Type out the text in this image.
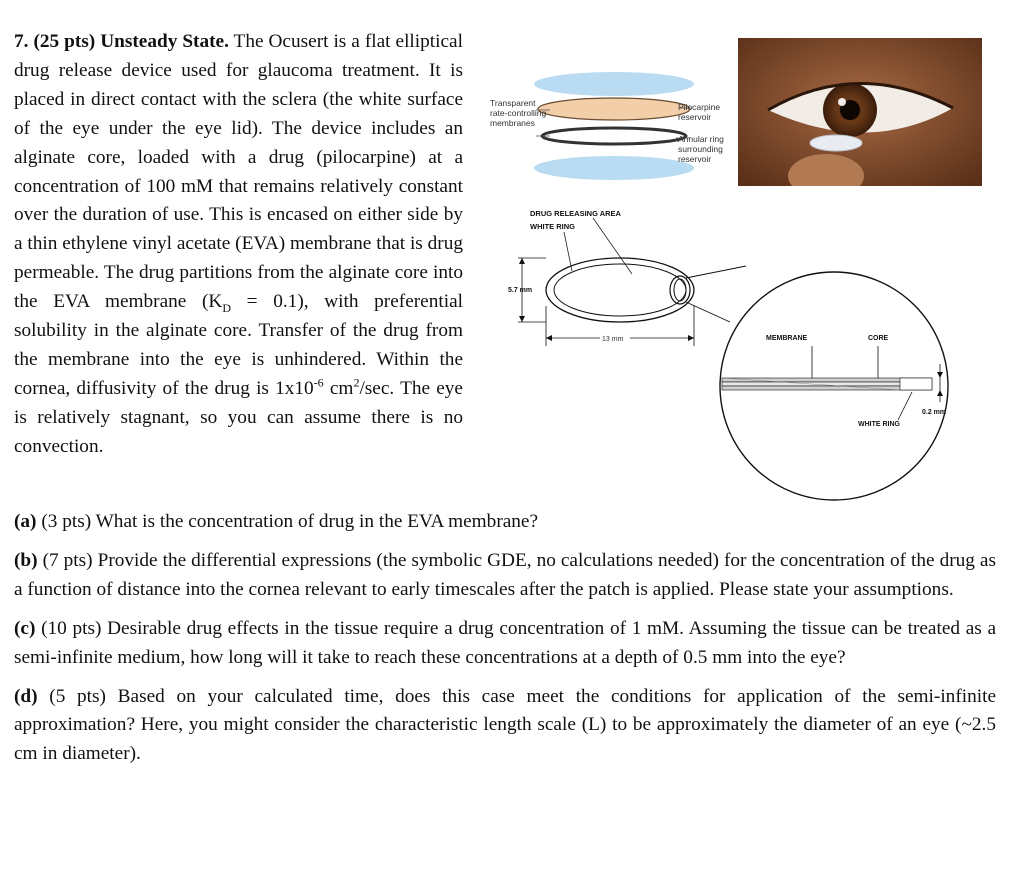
7. (25 pts) Unsteady State. The Ocusert is a flat elliptical drug release device used for glaucoma treatment. It is placed in direct contact with the sclera (the white surface of the eye under the eye lid). The device includes an alginate core, loaded with a drug (pilocarpine) at a concentration of 100 mM that remains relatively constant over the duration of use. This is encased on either side by a thin ethylene vinyl acetate (EVA) membrane that is drug permeable. The drug partitions from the alginate core into the EVA membrane $(K_D = 0.1)$, with preferential solubility in the alginate core. Transfer of the drug from the membrane into the eye is unhindered. Within the cornea, diffusivity of the drug is $1x10^{-6}$ $cm^2/\sec$. The eye is relatively stagnant, so you can assume there is no convection.
Transparent
rate-controlling
membranes
Pilocarpine
reservoir
Annular ring
surrounding
reservoir
DRUG RELEASING AREA
WHITE RING
5.7 mm
13 mm	MEMBRANE	CORE
0.2 mm
WHITE RING

(a) (3 pts) What is the concentration of drug in the EVA membrane?

(b) (7 pts) Provide the differential expressions (the symbolic GDE, no calculations needed) for the concentration of the drug as a function of distance into the cornea relevant to early timescales after the patch is applied. Please state your assumptions.

(c) (10 pts) Desirable drug effects in the tissue require a drug concentration of 1 mM. Assuming the tissue can be treated as a semi-infinite medium, how long will it take to reach these concentrations at a depth of 0.5 mm into the eye?

(d) (5 pts) Based on your calculated time, does this case meet the conditions for application of the semi-infinite approximation? Here, you might consider the characteristic length scale (L) to be approximately the diameter of an eye (~2.5 cm in diameter).
